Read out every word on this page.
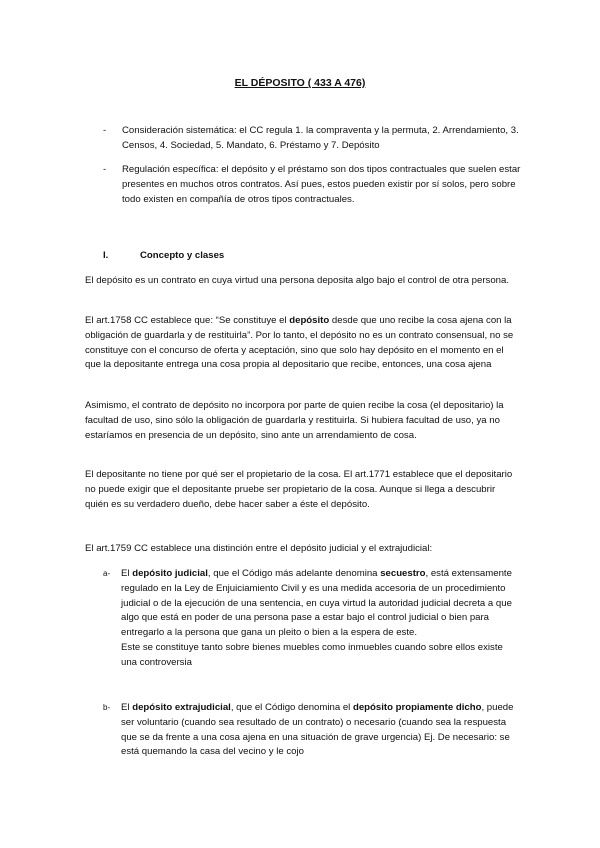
EL DÉPOSITO ( 433 A 476)
- Consideración sistemática: el CC regula 1. la compraventa y la permuta, 2. Arrendamiento, 3. Censos, 4. Sociedad, 5. Mandato, 6. Préstamo y 7. Depósito
- Regulación específica: el depósito y el préstamo son dos tipos contractuales que suelen estar presentes en muchos otros contratos. Así pues, estos pueden existir por sí solos, pero sobre todo existen en compañía de otros tipos contractuales.
I.	Concepto y clases

El depósito es un contrato en cuya virtud una persona deposita algo bajo el control de otra persona.

El art.1758 CC establece que: “Se constituye el depósito desde que uno recibe la cosa ajena con la obligación de guardarla y de restituirla”. Por lo tanto, el depósito no es un contrato consensual, no se constituye con el concurso de oferta y aceptación, sino que solo hay depósito en el momento en el que la depositante entrega una cosa propia al depositario que recibe, entonces, una cosa ajena

Asimismo, el contrato de depósito no incorpora por parte de quien recibe la cosa (el depositario) la facultad de uso, sino sólo la obligación de guardarla y restituirla. Si hubiera facultad de uso, ya no estaríamos en presencia de un depósito, sino ante un arrendamiento de cosa.

El depositante no tiene por qué ser el propietario de la cosa. El art.1771 establece que el depositario no puede exigir que el depositante pruebe ser propietario de la cosa. Aunque si llega a descubrir quién es su verdadero dueño, debe hacer saber a éste el depósito.

El art.1759 CC establece una distinción entre el depósito judicial y el extrajudicial:

a- El depósito judicial, que el Código más adelante denomina secuestro, está extensamente regulado en la Ley de Enjuiciamiento Civil y es una medida accesoria de un procedimiento judicial o de la ejecución de una sentencia, en cuya virtud la autoridad judicial decreta a que algo que está en poder de una persona pase a estar bajo el control judicial o bien para entregarlo a la persona que gana un pleito o bien a la espera de este.
Este se constituye tanto sobre bienes muebles como inmuebles cuando sobre ellos existe una controversia
b- El depósito extrajudicial, que el Código denomina el depósito propiamente dicho, puede ser voluntario (cuando sea resultado de un contrato) o necesario (cuando sea la respuesta que se da frente a una cosa ajena en una situación de grave urgencia) Ej. De necesario: se está quemando la casa del vecino y le cojo
